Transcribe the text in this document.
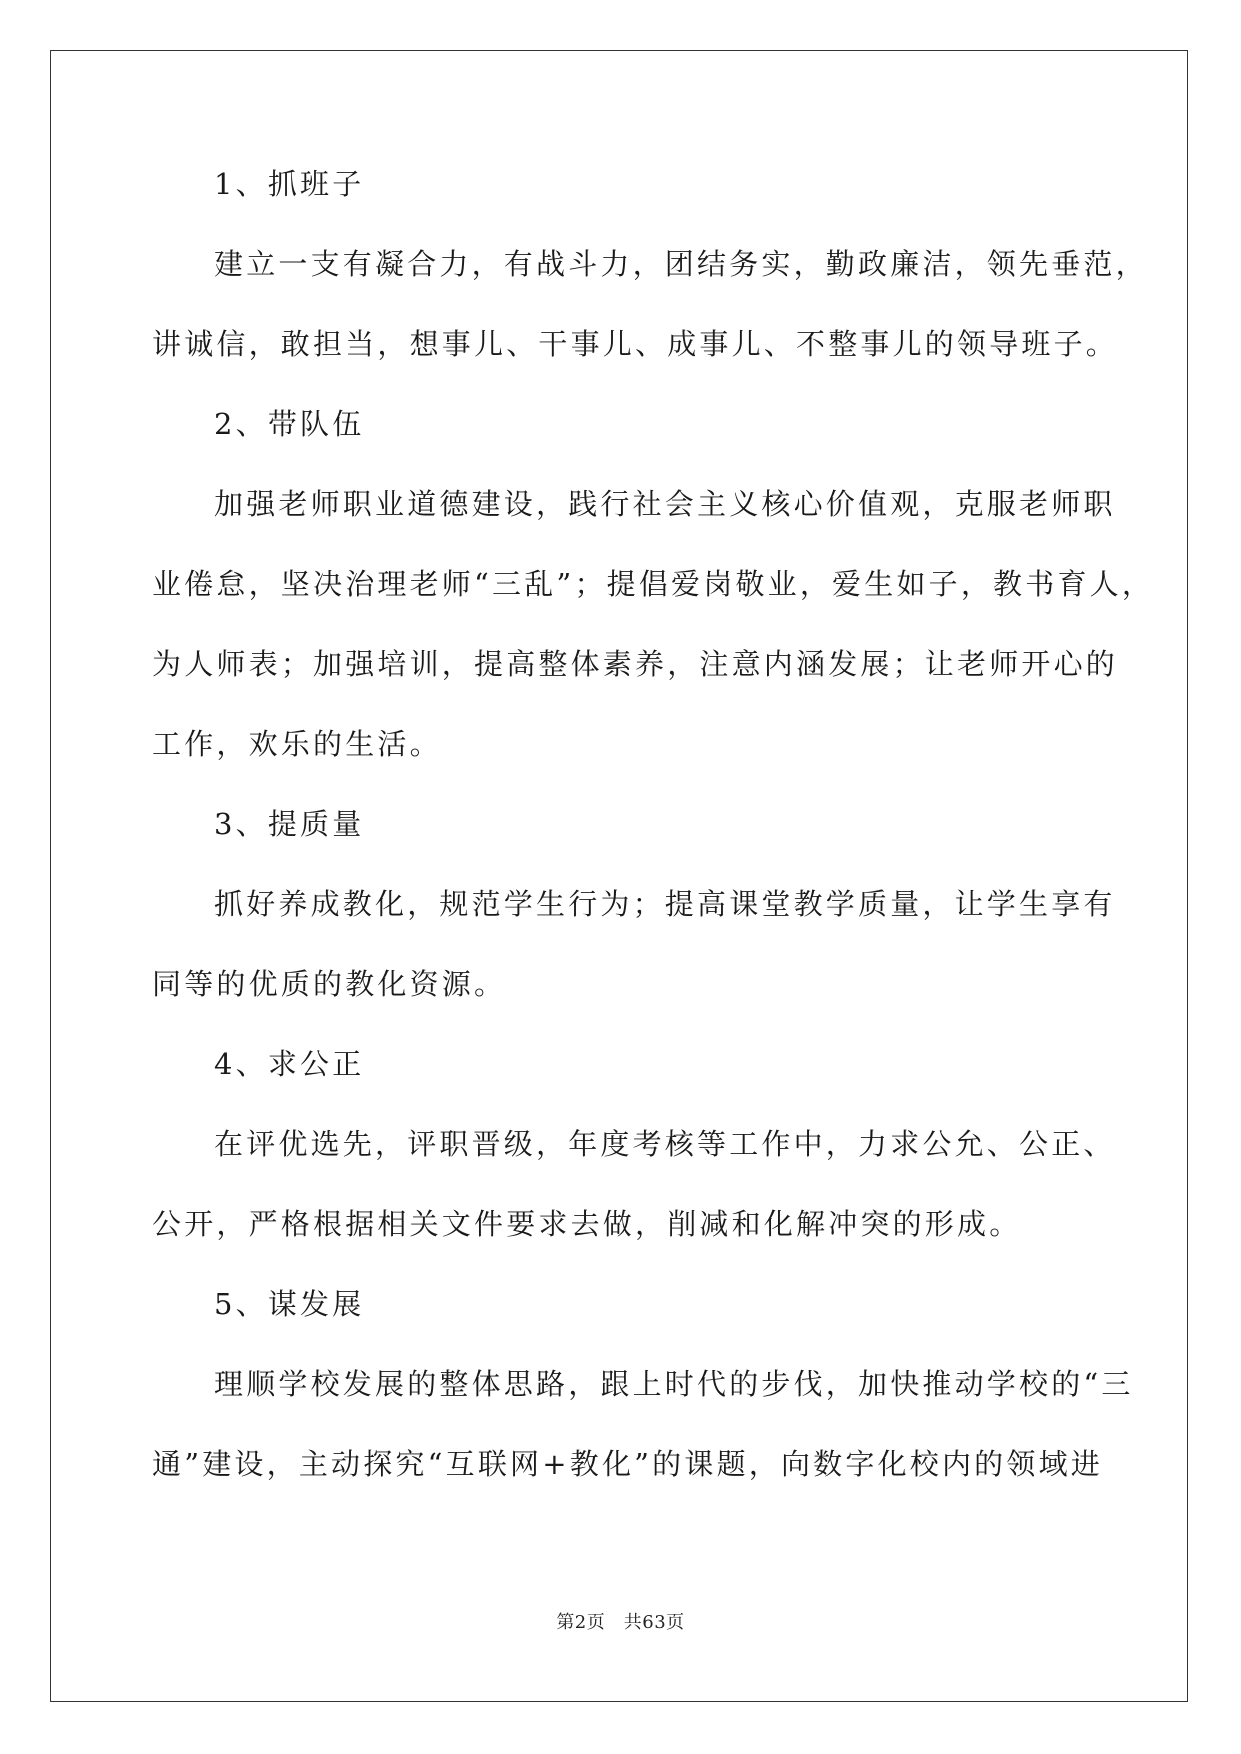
1、抓班子
建立一支有凝合力，有战斗力，团结务实，勤政廉洁，领先垂范，
讲诚信，敢担当，想事儿、干事儿、成事儿、不整事儿的领导班子。
2、带队伍
加强老师职业道德建设，践行社会主义核心价值观，克服老师职
业倦怠，坚决治理老师“三乱”；提倡爱岗敬业，爱生如子，教书育人，
为人师表；加强培训，提高整体素养，注意内涵发展；让老师开心的
工作，欢乐的生活。
3、提质量
抓好养成教化，规范学生行为；提高课堂教学质量，让学生享有
同等的优质的教化资源。
4、求公正
在评优选先，评职晋级，年度考核等工作中，力求公允、公正、
公开，严格根据相关文件要求去做，削减和化解冲突的形成。
5、谋发展
理顺学校发展的整体思路，跟上时代的步伐，加快推动学校的“三
通”建设，主动探究“互联网+教化”的课题，向数字化校内的领域进
第2页　共63页
